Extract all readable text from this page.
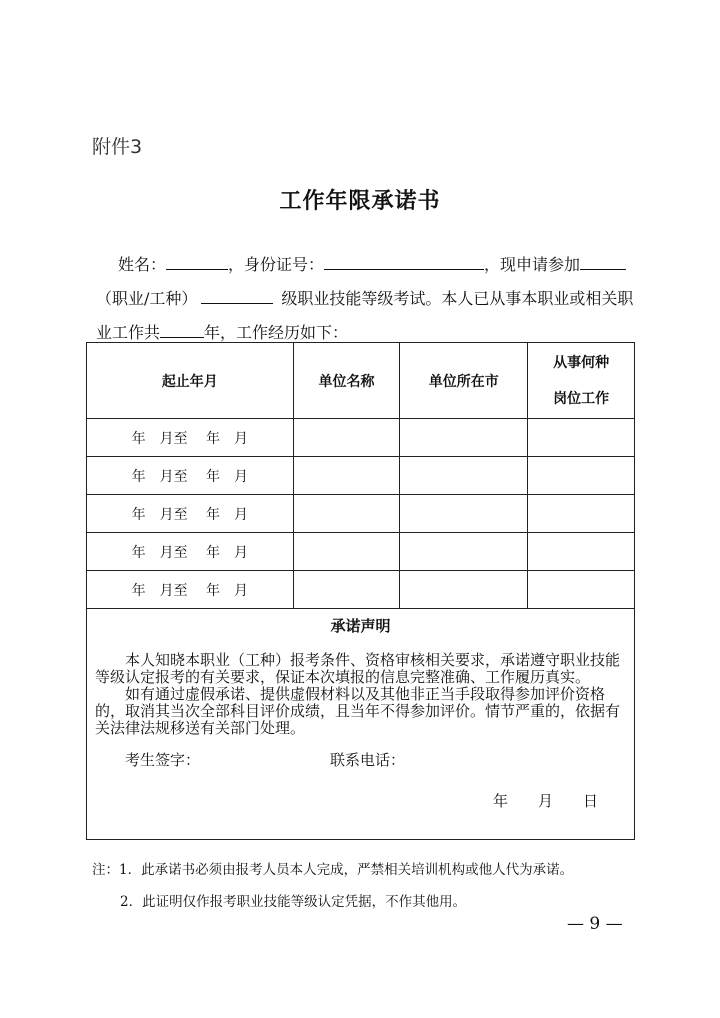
附件3
工作年限承诺书
姓名：	，身份证号：	，现申请参加
（职业/工种）	级职业技能等级考试。本人已从事本职业或相关职
业工作共	年，工作经历如下：
起止年月	单位名称	单位所在市	从事何种
岗位工作

年　月至　 年　月			
年　月至　 年　月			
年　月至　 年　月			
年　月至　 年　月			
年　月至　 年　月			

承诺声明

本人知晓本职业（工种）报考条件、资格审核相关要求，承诺遵守职业技能等级认定报考的有关要求，保证本次填报的信息完整准确、工作履历真实。

如有通过虚假承诺、提供虚假材料以及其他非正当手段取得参加评价资格的，取消其当次全部科目评价成绩，且当年不得参加评价。情节严重的，依据有关法律法规移送有关部门处理。

考生签字： 联系电话：
年　　月　　日			
注：1．此承诺书必须由报考人员本人完成，严禁相关培训机构或他人代为承诺。
2．此证明仅作报考职业技能等级认定凭据，不作其他用。
— 9 —
